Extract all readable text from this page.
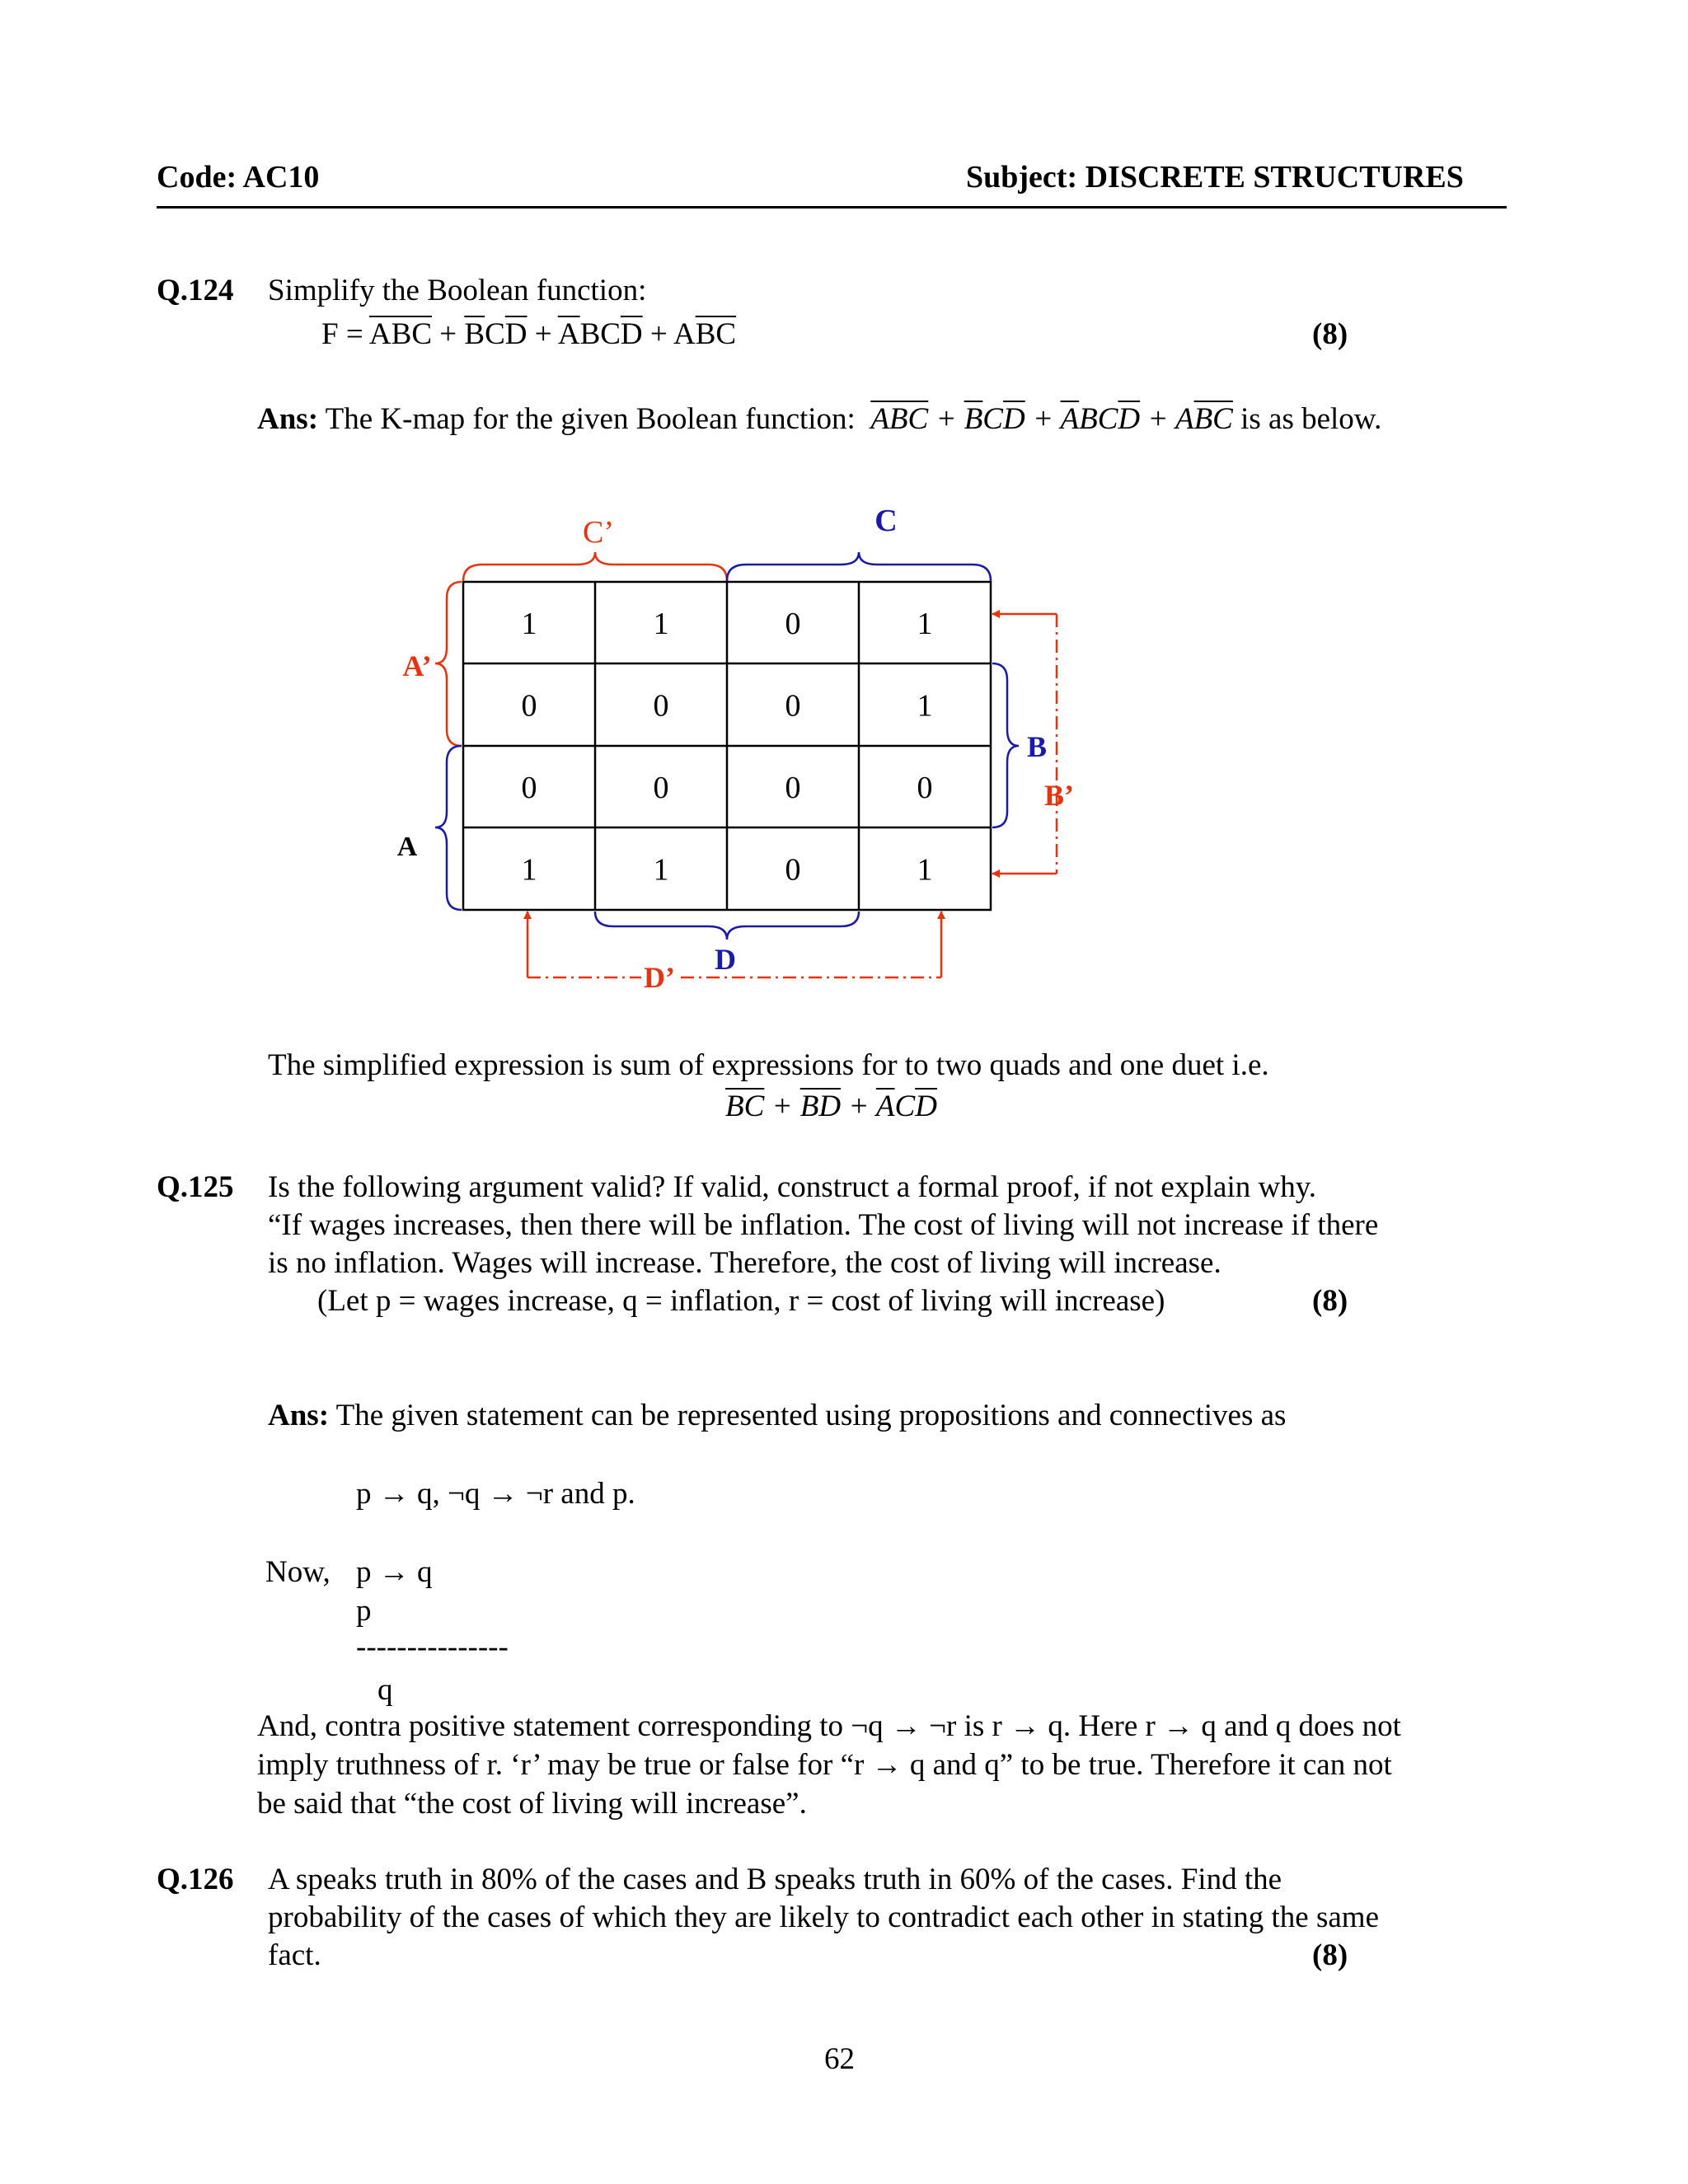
Code: AC10	Subject: DISCRETE STRUCTURES
Q.124 Simplify the Boolean function:
$F = \overline{AB}\overline{C} + \overline{B}C\overline{D} + \overline{A}BC\overline{D} + A\overline{B}\overline{C}$	(8)
Ans: The K-map for the given Boolean function: $\overline{ABC} + \overline{B}C\overline{D} + \overline{A}BC\overline{D} + A\overline{BC}$ is as below.
1	1	0	1
0	0	0	1
0	0	0	0
1	1	0	1
C’	C
A’
A
B
B’
D
D’
The simplified expression is sum of expressions for to two quads and one duet i.e.
$\overline{BC} + \overline{BD} + \overline{A}C\overline{D}$
Q.125 Is the following argument valid? If valid, construct a formal proof, if not explain why.
“If wages increases, then there will be inflation. The cost of living will not increase if there
is no inflation. Wages will increase. Therefore, the cost of living will increase.
(Let p = wages increase, q = inflation, r = cost of living will increase)	(8)
Ans: The given statement can be represented using propositions and connectives as
p → q, ¬q → ¬r and p.
Now, p → q
p
---------------
q
And, contra positive statement corresponding to ¬q → ¬r is r → q. Here r → q and q does not
imply truthness of r. ‘r’ may be true or false for “r → q and q” to be true. Therefore it can not
be said that “the cost of living will increase”.
Q.126 A speaks truth in 80% of the cases and B speaks truth in 60% of the cases. Find the
probability of the cases of which they are likely to contradict each other in stating the same
fact.	(8)
62
